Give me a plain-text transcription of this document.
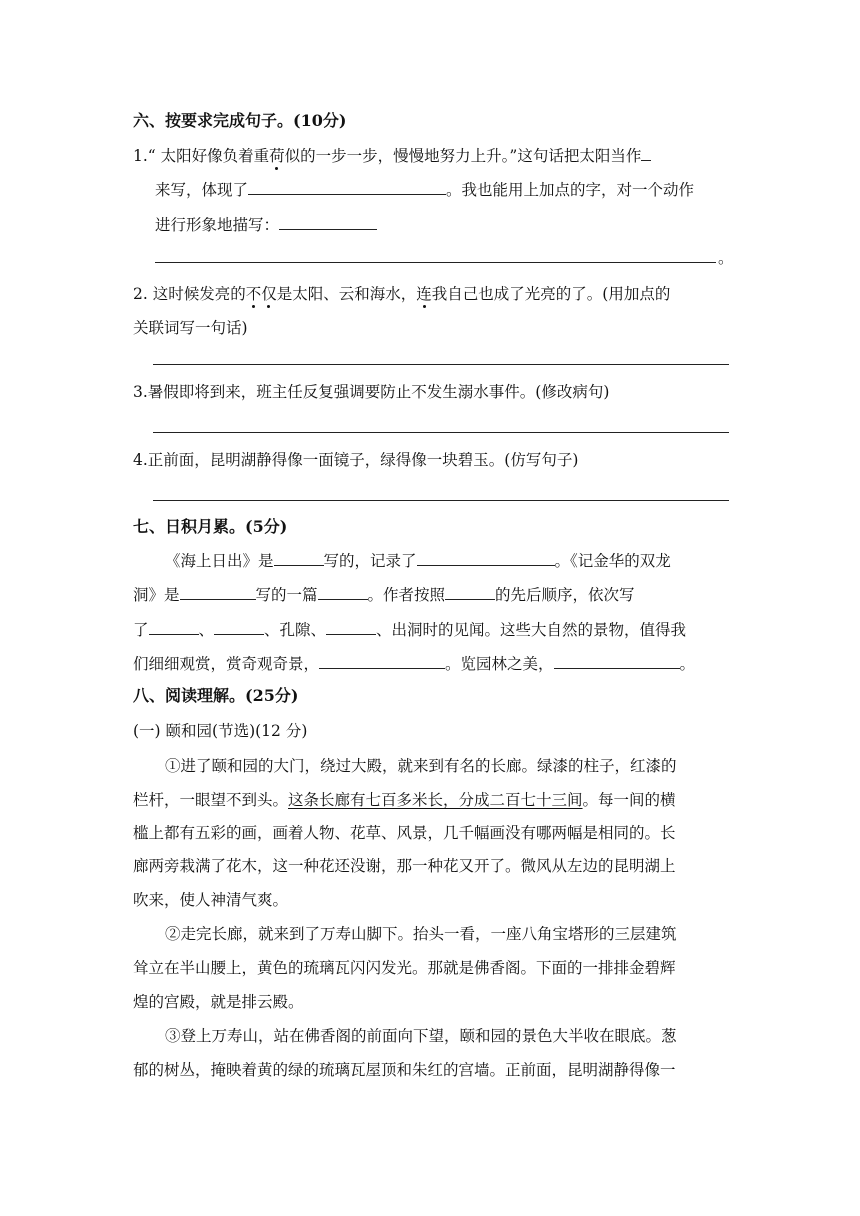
六、按要求完成句子。(10分)
1.“ 太阳好像负着重荷似的一步一步，慢慢地努力上升。”这句话把太阳当作
来写，体现了	。我也能用上加点的字，对一个动作
进行形象地描写：
。
2. 这时候发亮的不仅是太阳、云和海水，连我自己也成了光亮的了。(用加点的
关联词写一句话)
3.暑假即将到来，班主任反复强调要防止不发生溺水事件。(修改病句)
4.正前面，昆明湖静得像一面镜子，绿得像一块碧玉。(仿写句子)
七、日积月累。(5分)
《海上日出》是	写的，记录了	。《记金华的双龙
洞》是	写的一篇	。作者按照	的先后顺序，依次写
了	、	、孔隙、	、出洞时的见闻。这些大自然的景物，值得我
们细细观赏，赏奇观奇景，	。览园林之美，	。
八、阅读理解。(25分)
(一) 颐和园(节选)(12 分)
①进了颐和园的大门，绕过大殿，就来到有名的长廊。绿漆的柱子，红漆的
栏杆，一眼望不到头。这条长廊有七百多米长，分成二百七十三间。每一间的横
槛上都有五彩的画，画着人物、花草、风景，几千幅画没有哪两幅是相同的。长
廊两旁栽满了花木，这一种花还没谢，那一种花又开了。微风从左边的昆明湖上
吹来，使人神清气爽。
②走完长廊，就来到了万寿山脚下。抬头一看，一座八角宝塔形的三层建筑
耸立在半山腰上，黄色的琉璃瓦闪闪发光。那就是佛香阁。下面的一排排金碧辉
煌的宫殿，就是排云殿。
③登上万寿山，站在佛香阁的前面向下望，颐和园的景色大半收在眼底。葱
郁的树丛，掩映着黄的绿的琉璃瓦屋顶和朱红的宫墙。正前面，昆明湖静得像一
